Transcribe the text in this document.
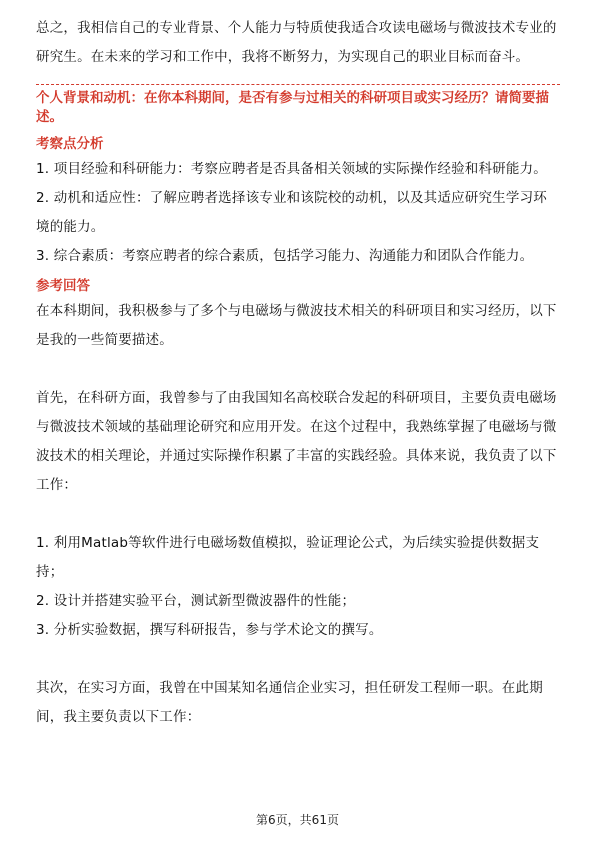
总之，我相信自己的专业背景、个人能力与特质使我适合攻读电磁场与微波技术专业的研究生。在未来的学习和工作中，我将不断努力，为实现自己的职业目标而奋斗。

个人背景和动机：在你本科期间，是否有参与过相关的科研项目或实习经历？请简要描述。

考察点分析

1. 项目经验和科研能力：考察应聘者是否具备相关领域的实际操作经验和科研能力。

2. 动机和适应性：了解应聘者选择该专业和该院校的动机，以及其适应研究生学习环境的能力。

3. 综合素质：考察应聘者的综合素质，包括学习能力、沟通能力和团队合作能力。

参考回答

在本科期间，我积极参与了多个与电磁场与微波技术相关的科研项目和实习经历，以下是我的一些简要描述。

首先，在科研方面，我曾参与了由我国知名高校联合发起的科研项目，主要负责电磁场与微波技术领域的基础理论研究和应用开发。在这个过程中，我熟练掌握了电磁场与微波技术的相关理论，并通过实际操作积累了丰富的实践经验。具体来说，我负责了以下工作：

1. 利用Matlab等软件进行电磁场数值模拟，验证理论公式，为后续实验提供数据支持；

2. 设计并搭建实验平台，测试新型微波器件的性能；

3. 分析实验数据，撰写科研报告，参与学术论文的撰写。

其次，在实习方面，我曾在中国某知名通信企业实习，担任研发工程师一职。在此期间，我主要负责以下工作：

第6页，共61页
